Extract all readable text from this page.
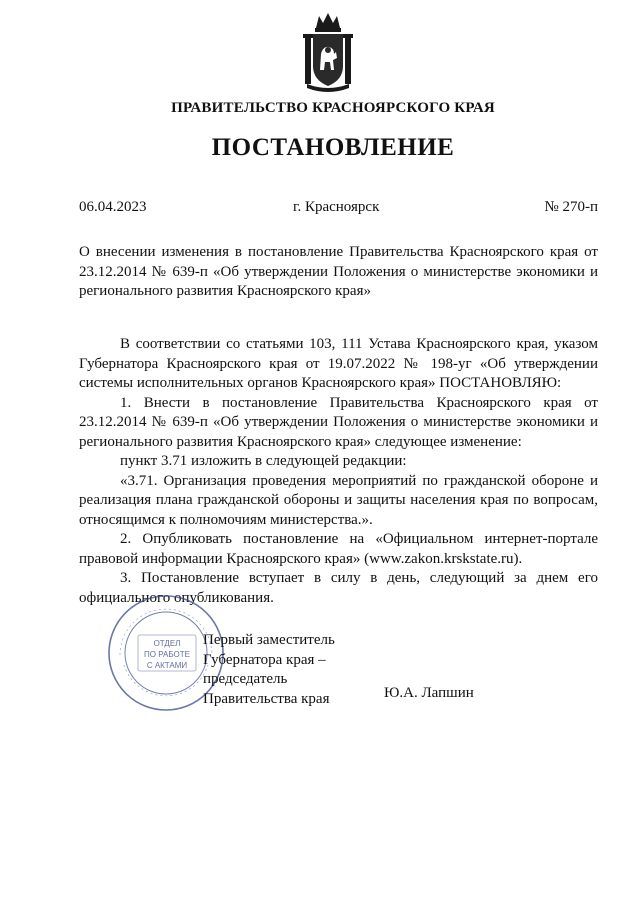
ПРАВИТЕЛЬСТВО КРАСНОЯРСКОГО КРАЯ
ПОСТАНОВЛЕНИЕ
06.04.2023	г. Красноярск	№ 270-п
О внесении изменения в постановление Правительства Красноярского края от 23.12.2014 № 639-п «Об утверждении Положения о министерстве экономики и регионального развития Красноярского края»

В соответствии со статьями 103, 111 Устава Красноярского края, указом Губернатора Красноярского края от 19.07.2022 № 198-уг «Об утверждении системы исполнительных органов Красноярского края» ПОСТАНОВЛЯЮ:

1. Внести в постановление Правительства Красноярского края от 23.12.2014 № 639-п «Об утверждении Положения о министерстве экономики и регионального развития Красноярского края» следующее изменение:

пункт 3.71 изложить в следующей редакции:

«3.71. Организация проведения мероприятий по гражданской обороне и реализация плана гражданской обороны и защиты населения края по вопросам, относящимся к полномочиям министерства.».

2. Опубликовать постановление на «Официальном интернет-портале правовой информации Красноярского края» (www.zakon.krskstate.ru).

3. Постановление вступает в силу в день, следующий за днем его официального опубликования.

ОТДЕЛ
ПО РАБОТЕ
С АКТАМИ
Первый заместитель
Губернатора края –
председатель
Правительства края	Ю.А. Лапшин
